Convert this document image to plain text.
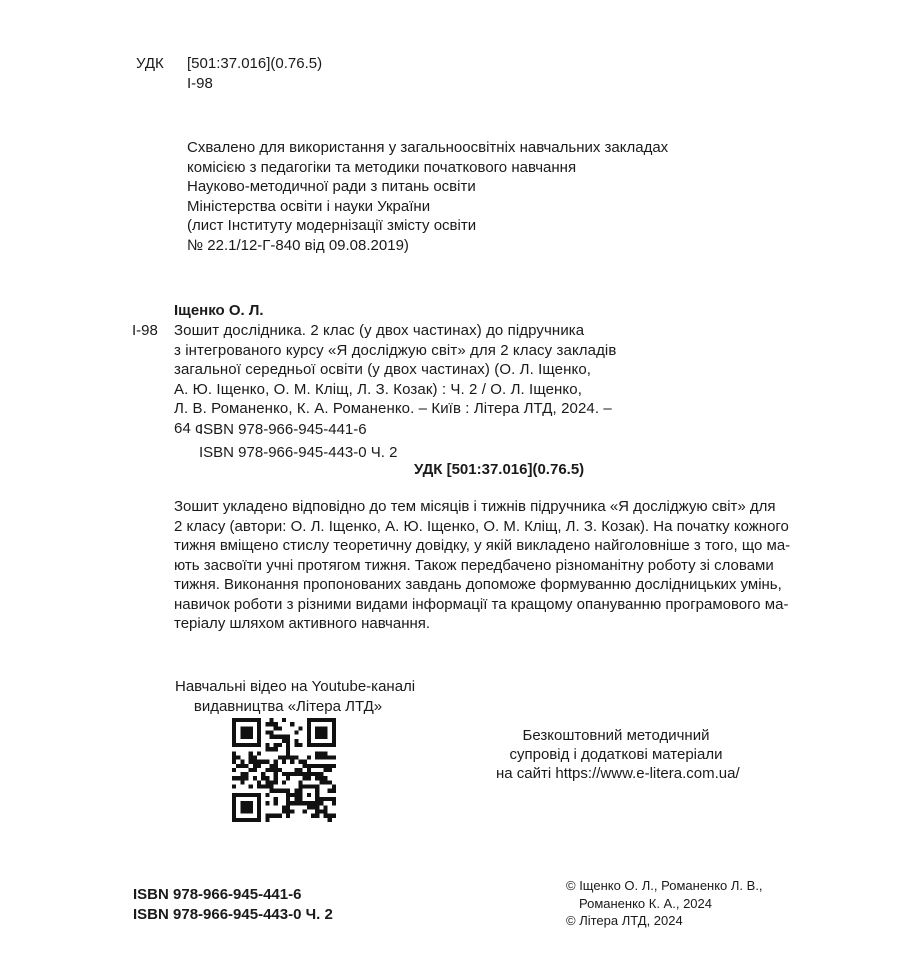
УДК [501:37.016](0.76.5)
І-98
Схвалено для використання у загальноосвітніх навчальних закладах
комісією з педагогіки та методики початкового навчання
Науково-методичної ради з питань освіти
Міністерства освіти і науки України
(лист Інституту модернізації змісту освіти
№ 22.1/12-Г-840 від 09.08.2019)
Іщенко О. Л.
І-98 Зошит дослідника. 2 клас (у двох частинах) до підручника
з інтегрованого курсу «Я досліджую світ» для 2 класу закладів
загальної середньої освіти (у двох частинах) (О. Л. Іщенко,
А. Ю. Іщенко, О. М. Кліщ, Л. З. Козак) : Ч. 2 / О. Л. Іщенко,
Л. В. Романенко, К. А. Романенко. – Київ : Літера ЛТД, 2024. –
64 с.
ISBN 978-966-945-441-6
ISBN 978-966-945-443-0 Ч. 2
УДК [501:37.016](0.76.5)
Зошит укладено відповідно до тем місяців і тижнів підручника «Я досліджую світ» для
2 класу (автори: О. Л. Іщенко, А. Ю. Іщенко, О. М. Кліщ, Л. З. Козак). На початку кожного
тижня вміщено стислу теоретичну довідку, у якій викладено найголовніше з того, що ма-
ють засвоїти учні протягом тижня. Також передбачено різноманітну роботу зі словами
тижня. Виконання пропонованих завдань допоможе формуванню дослідницьких умінь,
навичок роботи з різними видами інформації та кращому опануванню програмового ма-
теріалу шляхом активного навчання.
Навчальні відео на Youtube-каналі
видавництва «Літера ЛТД»
Безкоштовний методичний
супровід і додаткові матеріали
на сайті https://www.e-litera.com.ua/
ISBN 978-966-945-441-6
ISBN 978-966-945-443-0 Ч. 2
© Іщенко О. Л., Романенко Л. В.,
Романенко К. А., 2024
© Літера ЛТД, 2024
